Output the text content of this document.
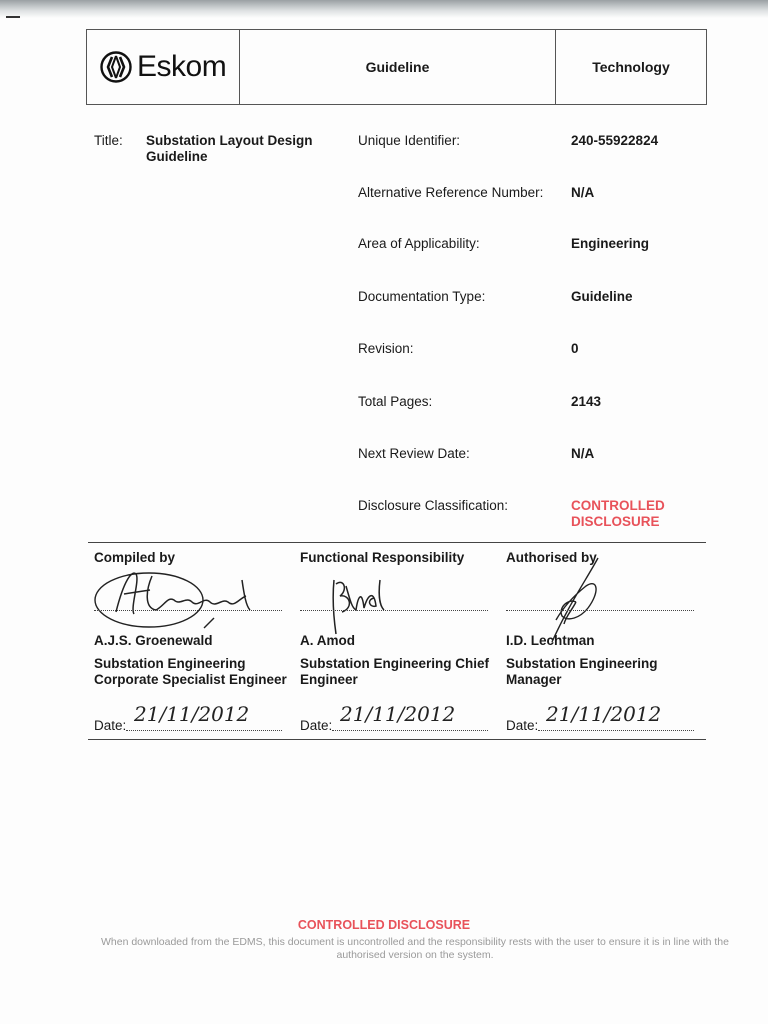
Eskom	Guideline	Technology
Title: Substation Layout Design Guideline
Unique Identifier:	240-55922824
Alternative Reference Number: N/A
Area of Applicability:	Engineering
Documentation Type:	Guideline
Revision:	0
Total Pages:	2143
Next Review Date:	N/A
Disclosure Classification:	CONTROLLED DISCLOSURE
Compiled by
A.J.S. Groenewald
Substation Engineering Corporate Specialist Engineer
Date: 21/11/2012
Functional Responsibility
A. Amod
Substation Engineering Chief Engineer
Date: 21/11/2012
Authorised by
I.D. Lechtman
Substation Engineering Manager
Date: 21/11/2012
CONTROLLED DISCLOSURE
When downloaded from the EDMS, this document is uncontrolled and the responsibility rests with the user to ensure it is in line with the authorised version on the system.
